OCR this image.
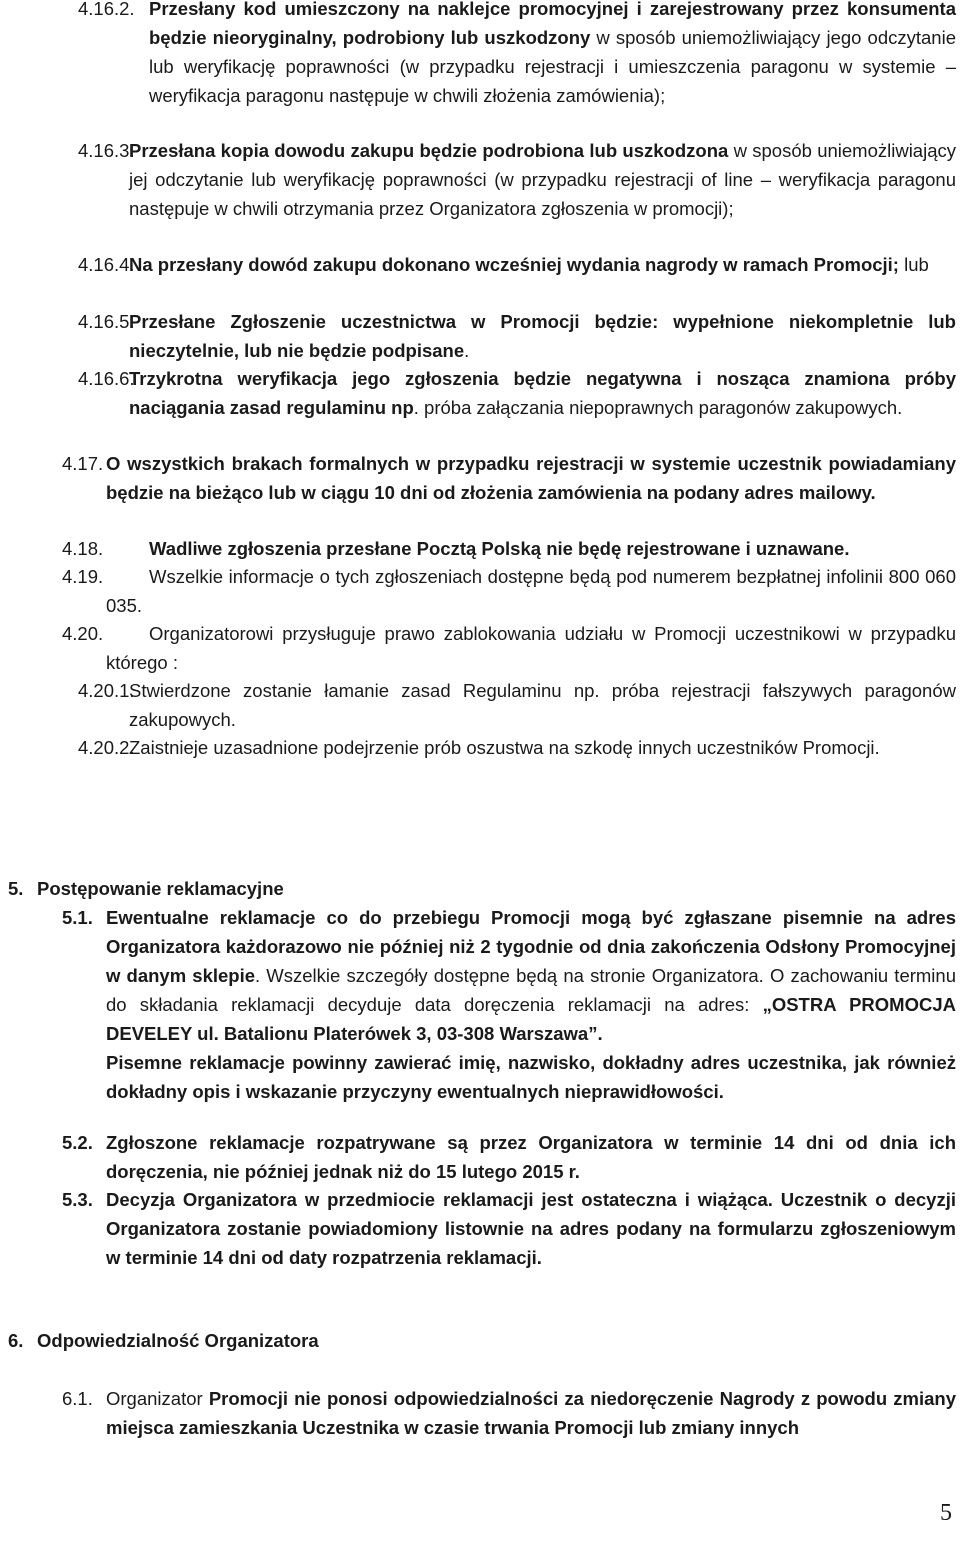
4.16.2. Przesłany kod umieszczony na naklejce promocyjnej i zarejestrowany przez konsumenta będzie nieoryginalny, podrobiony lub uszkodzony w sposób uniemożliwiający jego odczytanie lub weryfikację poprawności (w przypadku rejestracji i umieszczenia paragonu w systemie – weryfikacja paragonu następuje w chwili złożenia zamówienia);
4.16.3.
Przesłana kopia dowodu zakupu będzie podrobiona lub uszkodzona w sposób uniemożliwiający jej odczytanie lub weryfikację poprawności (w przypadku rejestracji of line – weryfikacja paragonu następuje w chwili otrzymania przez Organizatora zgłoszenia w promocji);
4.16.4.
Na przesłany dowód zakupu dokonano wcześniej wydania nagrody w ramach Promocji; lub
4.16.5.
Przesłane Zgłoszenie uczestnictwa w Promocji będzie: wypełnione niekompletnie lub nieczytelnie, lub nie będzie podpisane.
4.16.6.
Trzykrotna weryfikacja jego zgłoszenia będzie negatywna i nosząca znamiona próby naciągania zasad regulaminu np. próba załączania niepoprawnych paragonów zakupowych.
4.17. O wszystkich brakach formalnych w przypadku rejestracji w systemie uczestnik powiadamiany będzie na bieżąco lub w ciągu 10 dni od złożenia zamówienia na podany adres mailowy.
4.18.	Wadliwe zgłoszenia przesłane Pocztą Polską nie będę rejestrowane i uznawane.
4.19.	Wszelkie informacje o tych zgłoszeniach dostępne będą pod numerem bezpłatnej infolinii 800 060 035.
4.20.	Organizatorowi przysługuje prawo zablokowania udziału w Promocji uczestnikowi w przypadku którego :
4.20.1.
Stwierdzone zostanie łamanie zasad Regulaminu np. próba rejestracji fałszywych paragonów zakupowych.
4.20.2.
Zaistnieje uzasadnione podejrzenie prób oszustwa na szkodę innych uczestników Promocji.
5. Postępowanie reklamacyjne
5.1. Ewentualne reklamacje co do przebiegu Promocji mogą być zgłaszane pisemnie na adres Organizatora każdorazowo nie później niż 2 tygodnie od dnia zakończenia Odsłony Promocyjnej w danym sklepie. Wszelkie szczegóły dostępne będą na stronie Organizatora. O zachowaniu terminu do składania reklamacji decyduje data doręczenia reklamacji na adres: „OSTRA PROMOCJA DEVELEY ul. Batalionu Platerówek 3, 03-308 Warszawa”.
Pisemne reklamacje powinny zawierać imię, nazwisko, dokładny adres uczestnika, jak również dokładny opis i wskazanie przyczyny ewentualnych nieprawidłowości.
5.2. Zgłoszone reklamacje rozpatrywane są przez Organizatora w terminie 14 dni od dnia ich doręczenia, nie później jednak niż do 15 lutego 2015 r.
5.3. Decyzja Organizatora w przedmiocie reklamacji jest ostateczna i wiążąca. Uczestnik o decyzji Organizatora zostanie powiadomiony listownie na adres podany na formularzu zgłoszeniowym w terminie 14 dni od daty rozpatrzenia reklamacji.
6. Odpowiedzialność Organizatora
6.1. Organizator Promocji nie ponosi odpowiedzialności za niedoręczenie Nagrody z powodu zmiany miejsca zamieszkania Uczestnika w czasie trwania Promocji lub zmiany innych
5
